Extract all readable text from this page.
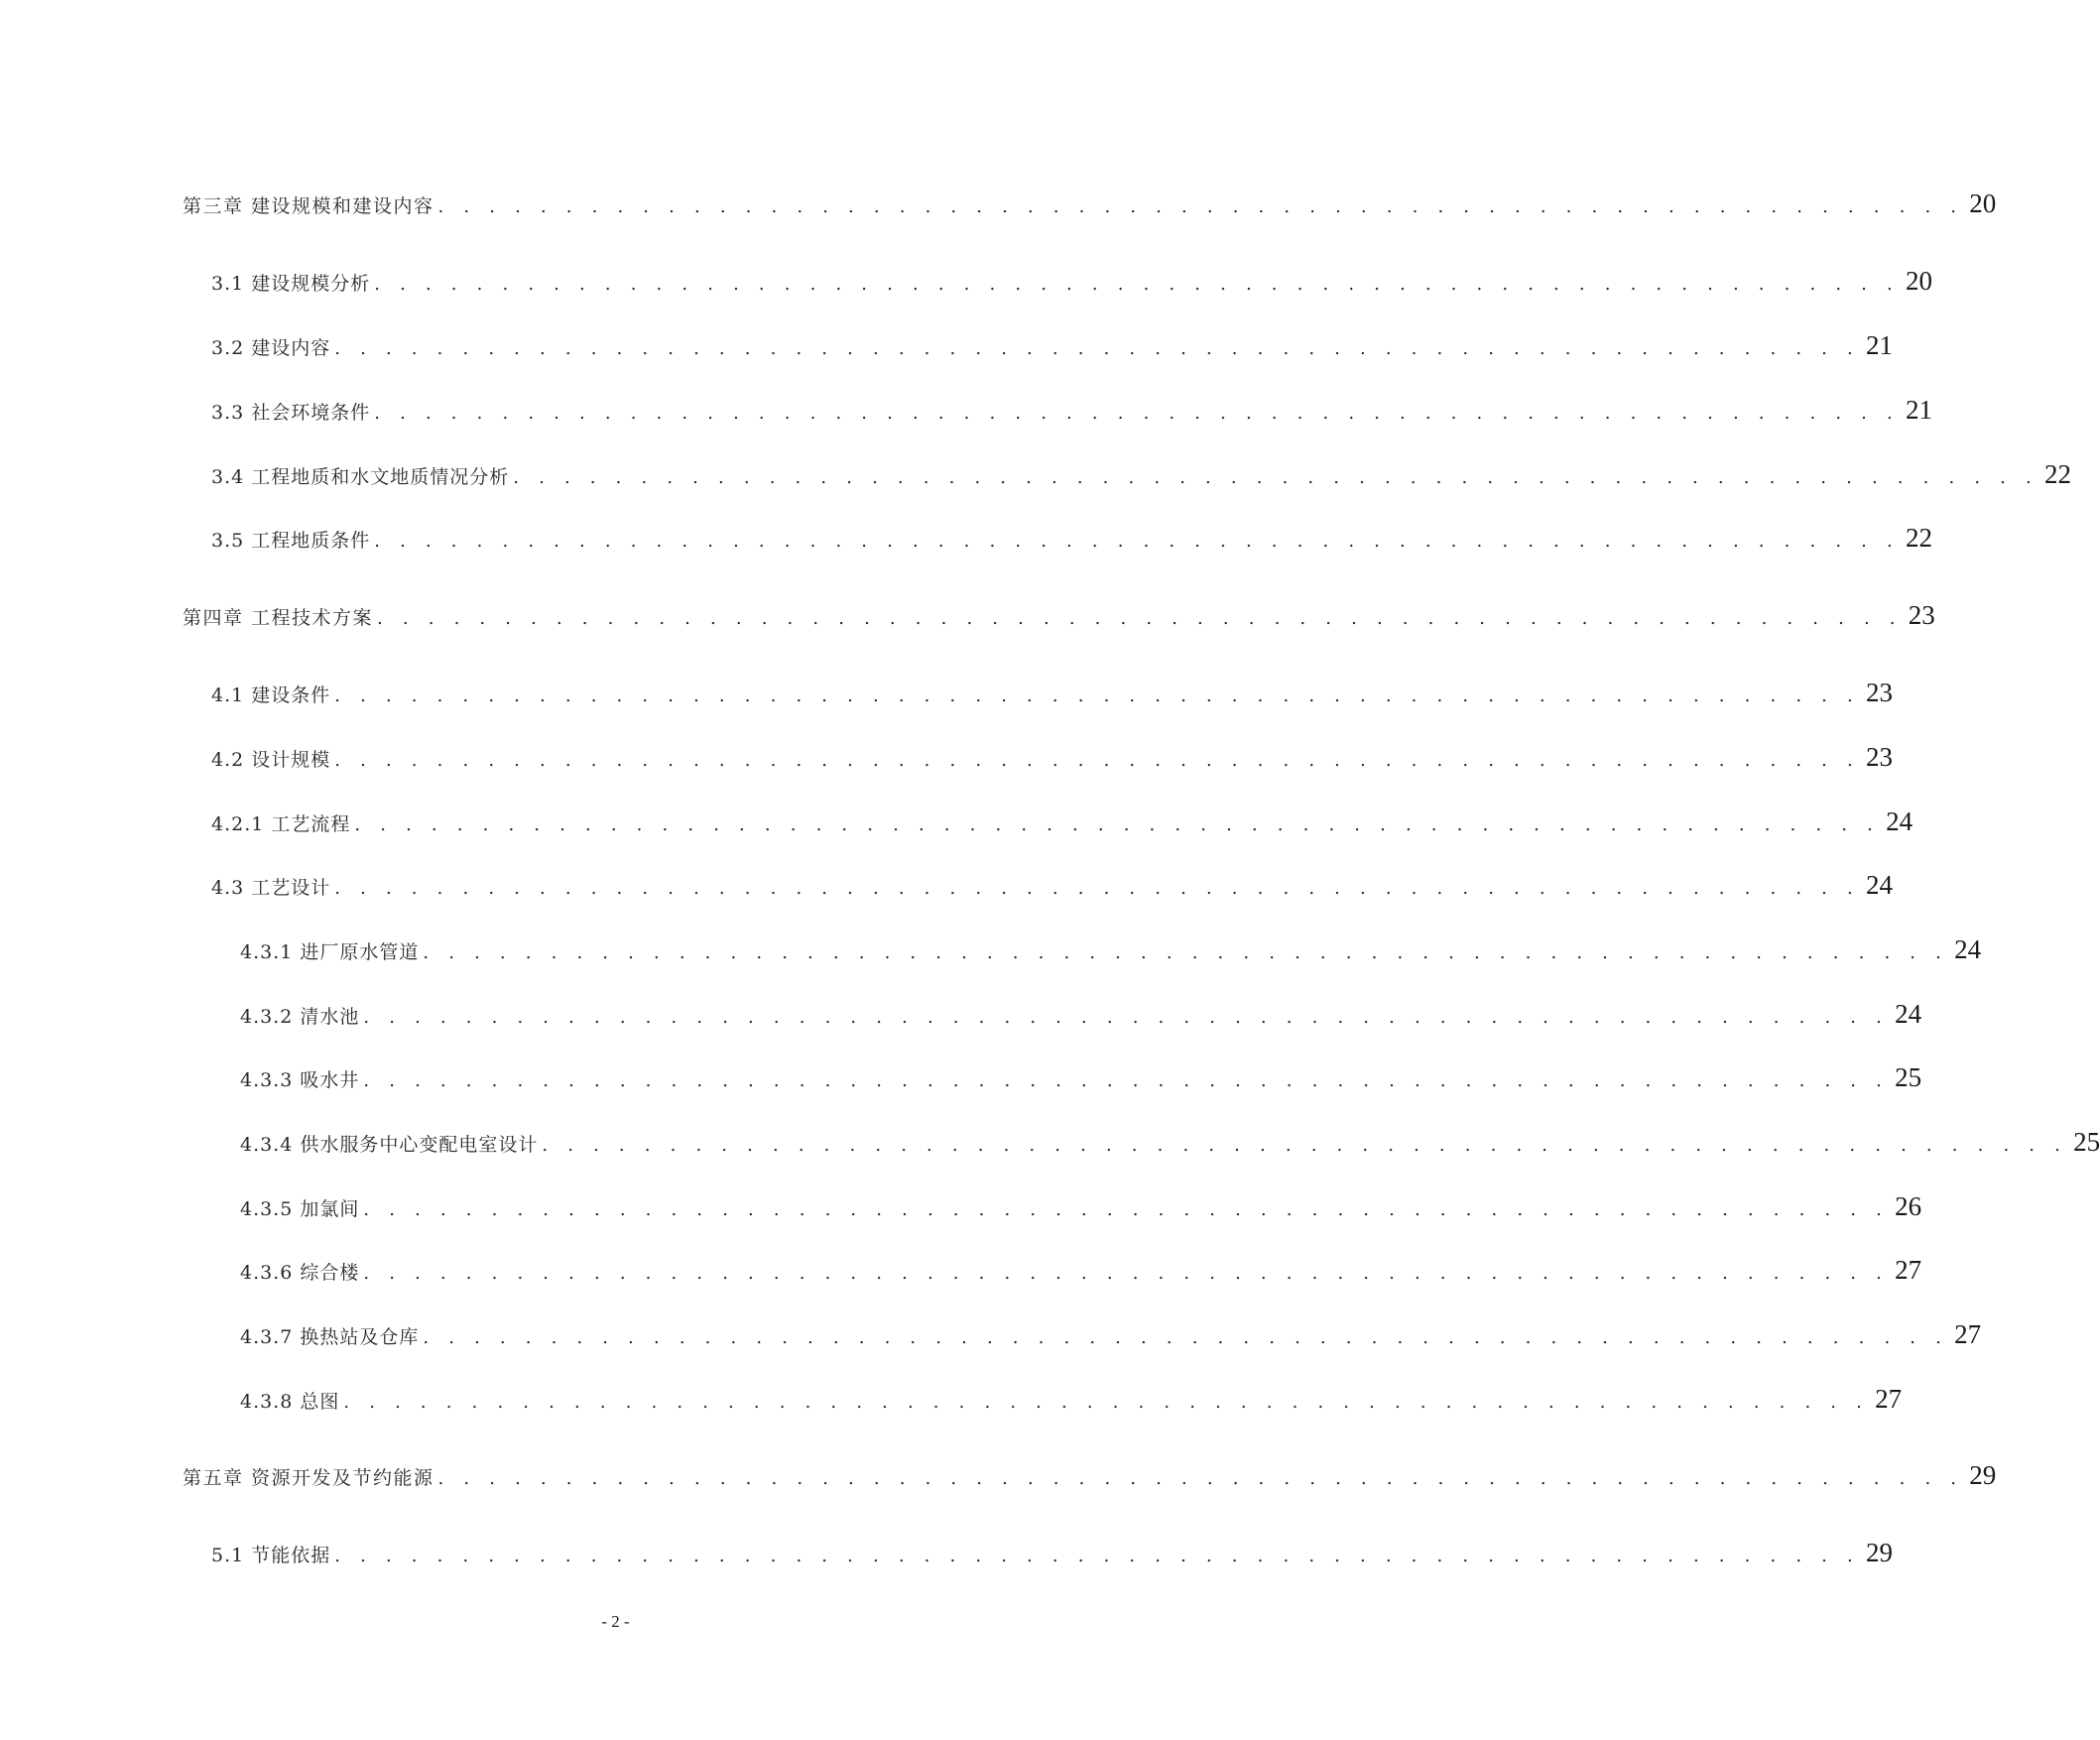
第三章 建设规模和建设内容 . . . . . . . . . . . . . . . . . . . . . . . . . . . . . . . . . . . . . . . . . . . . . . . . . . . . . . . . . . . . 20
3.1 建设规模分析 . . . . . . . . . . . . . . . . . . . . . . . . . . . . . . . . . . . . . . . . . . . . . . . . . . . . . . . . . . . . 20
3.2 建设内容 . . . . . . . . . . . . . . . . . . . . . . . . . . . . . . . . . . . . . . . . . . . . . . . . . . . . . . . . . . . . 21
3.3 社会环境条件 . . . . . . . . . . . . . . . . . . . . . . . . . . . . . . . . . . . . . . . . . . . . . . . . . . . . . . . . . . . . 21
3.4 工程地质和水文地质情况分析 . . . . . . . . . . . . . . . . . . . . . . . . . . . . . . . . . . . . . . . . . . . . . . . . . . . . . . . . . . . . 22
3.5 工程地质条件 . . . . . . . . . . . . . . . . . . . . . . . . . . . . . . . . . . . . . . . . . . . . . . . . . . . . . . . . . . . . 22
第四章 工程技术方案 . . . . . . . . . . . . . . . . . . . . . . . . . . . . . . . . . . . . . . . . . . . . . . . . . . . . . . . . . . . . 23
4.1 建设条件 . . . . . . . . . . . . . . . . . . . . . . . . . . . . . . . . . . . . . . . . . . . . . . . . . . . . . . . . . . . . 23
4.2 设计规模 . . . . . . . . . . . . . . . . . . . . . . . . . . . . . . . . . . . . . . . . . . . . . . . . . . . . . . . . . . . . 23
4.2.1 工艺流程 . . . . . . . . . . . . . . . . . . . . . . . . . . . . . . . . . . . . . . . . . . . . . . . . . . . . . . . . . . . . 24
4.3 工艺设计 . . . . . . . . . . . . . . . . . . . . . . . . . . . . . . . . . . . . . . . . . . . . . . . . . . . . . . . . . . . . 24
4.3.1 进厂原水管道 . . . . . . . . . . . . . . . . . . . . . . . . . . . . . . . . . . . . . . . . . . . . . . . . . . . . . . . . . . . . 24
4.3.2 清水池 . . . . . . . . . . . . . . . . . . . . . . . . . . . . . . . . . . . . . . . . . . . . . . . . . . . . . . . . . . . . 24
4.3.3 吸水井 . . . . . . . . . . . . . . . . . . . . . . . . . . . . . . . . . . . . . . . . . . . . . . . . . . . . . . . . . . . . 25
4.3.4 供水服务中心变配电室设计 . . . . . . . . . . . . . . . . . . . . . . . . . . . . . . . . . . . . . . . . . . . . . . . . . . . . . . . . . . . . 25
4.3.5 加氯间 . . . . . . . . . . . . . . . . . . . . . . . . . . . . . . . . . . . . . . . . . . . . . . . . . . . . . . . . . . . . 26
4.3.6 综合楼 . . . . . . . . . . . . . . . . . . . . . . . . . . . . . . . . . . . . . . . . . . . . . . . . . . . . . . . . . . . . 27
4.3.7 换热站及仓库 . . . . . . . . . . . . . . . . . . . . . . . . . . . . . . . . . . . . . . . . . . . . . . . . . . . . . . . . . . . . 27
4.3.8 总图 . . . . . . . . . . . . . . . . . . . . . . . . . . . . . . . . . . . . . . . . . . . . . . . . . . . . . . . . . . . . 27
第五章 资源开发及节约能源 . . . . . . . . . . . . . . . . . . . . . . . . . . . . . . . . . . . . . . . . . . . . . . . . . . . . . . . . . . . . 29
5.1 节能依据 . . . . . . . . . . . . . . . . . . . . . . . . . . . . . . . . . . . . . . . . . . . . . . . . . . . . . . . . . . . . 29
- 2 -
